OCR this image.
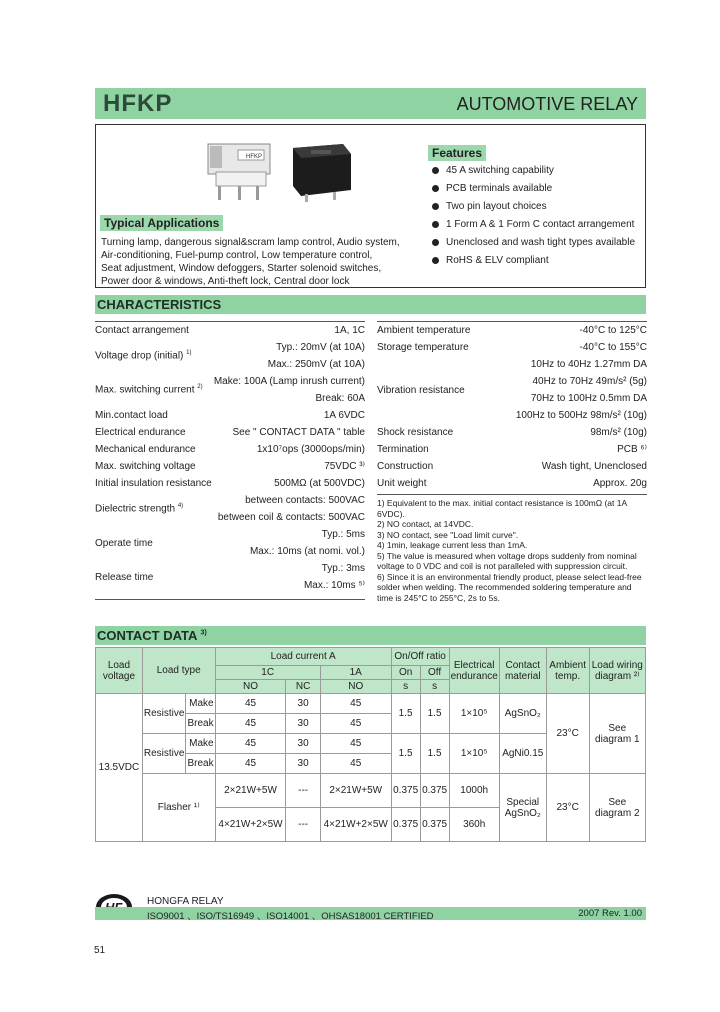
HFKP	AUTOMOTIVE RELAY
HFKP	Features
45 A switching capability
PCB terminals available
Two pin layout choices
1 Form A & 1 Form C contact arrangement
Unenclosed and wash tight types available
RoHS & ELV compliant
Typical Applications
Turning lamp, dangerous signal&scram lamp control, Audio system,
Air-conditioning, Fuel-pump control, Low temperature control,
Seat adjustment, Window defoggers, Starter solenoid switches,
Power door & windows, Anti-theft lock, Central door lock
CHARACTERISTICS
Contact arrangement	1A, 1C
Voltage drop (initial) $^{1)}$	Typ.: 20mV (at 10A)
	Max.: 250mV (at 10A)
Max. switching current $^{2)}$	Make: 100A (Lamp inrush current)
	Break: 60A
Min.contact load	1A 6VDC
Electrical endurance	See " CONTACT DATA " table
Mechanical endurance	1x10⁷ops (3000ops/min)
Max. switching voltage	75VDC ³⁾
Initial insulation resistance	500MΩ (at 500VDC)
Dielectric strength $^{4)}$	between contacts: 500VAC
	between coil & contacts: 500VAC
Operate time	Typ.: 5ms
	Max.: 10ms (at nomi. vol.)
Release time	Typ.: 3ms
	Max.: 10ms ⁵⁾
Ambient temperature	-40°C to 125°C
Storage temperature	-40°C to 155°C
Vibration resistance	10Hz to 40Hz 1.27mm DA
	40Hz to 70Hz 49m/s² (5g)
	70Hz to 100Hz 0.5mm DA
	100Hz to 500Hz 98m/s² (10g)
Shock resistance	98m/s² (10g)
Termination	PCB ⁶⁾
Construction	Wash tight, Unenclosed
Unit weight	Approx. 20g
1) Equivalent to the max. initial contact resistance is 100mΩ (at 1A 6VDC).
2) NO contact, at 14VDC.
3) NO contact, see "Load limit curve".
4) 1min, leakage current less than 1mA.
5) The value is measured when voltage drops suddenly from nominal
voltage to 0 VDC and coil is not paralleled with suppression circuit.
6) Since it is an environmental friendly product, please select lead-free
solder when welding. The recommended soldering temperature and
time is 245°C to 255°C, 2s to 5s.
CONTACT DATA $^{3)}$
Load voltage	Load type		Load current A			On/Off ratio		Electrical endurance	Contact material	Ambient temp.	Load wiring diagram ²⁾
			1C		1A	On	Off				
			NO	NC	NO	s	s				
13.5VDC	Resistive	Make	45	30	45	1.5	1.5	1×10⁵	AgSnO₂	23°C	See diagram 1
		Break	45	30	45						
	Resistive	Make	45	30	45	1.5	1.5	1×10⁵	AgNi0.15		
		Break	45	30	45						
	Flasher ¹⁾		2×21W+5W	---	2×21W+5W	0.375	0.375	1000h	Special AgSnO₂	23°C	See diagram 2
			4×21W+2×5W	---	4×21W+2×5W	0.375	0.375	360h			
HONGFA RELAY
ISO9001 、ISO/TS16949 、ISO14001 、OHSAS18001 CERTIFIED	2007 Rev. 1.00
51
